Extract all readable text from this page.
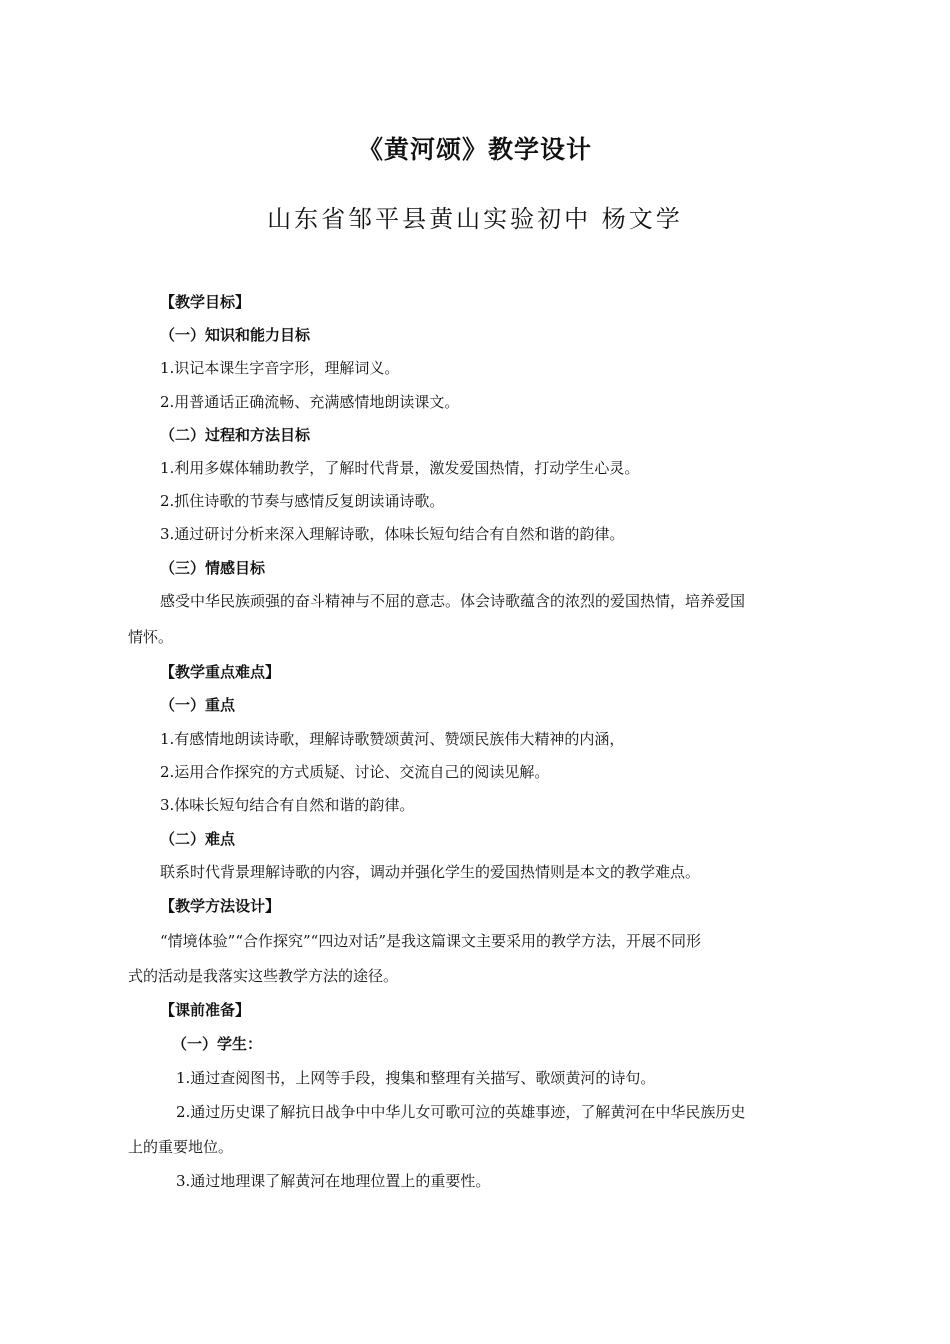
《黄河颂》教学设计
山东省邹平县黄山实验初中 杨文学
【教学目标】
（一）知识和能力目标
1.识记本课生字音字形，理解词义。
2.用普通话正确流畅、充满感情地朗读课文。
（二）过程和方法目标
1.利用多媒体辅助教学，了解时代背景，激发爱国热情，打动学生心灵。
2.抓住诗歌的节奏与感情反复朗读诵诗歌。
3.通过研讨分析来深入理解诗歌，体味长短句结合有自然和谐的韵律。
（三）情感目标
感受中华民族顽强的奋斗精神与不屈的意志。体会诗歌蕴含的浓烈的爱国热情，培养爱国
情怀。
【教学重点难点】
（一）重点
1.有感情地朗读诗歌，理解诗歌赞颂黄河、赞颂民族伟大精神的内涵，
2.运用合作探究的方式质疑、讨论、交流自己的阅读见解。
3.体味长短句结合有自然和谐的韵律。
（二）难点
联系时代背景理解诗歌的内容，调动并强化学生的爱国热情则是本文的教学难点。
【教学方法设计】
“情境体验”“合作探究”“四边对话”是我这篇课文主要采用的教学方法，开展不同形
式的活动是我落实这些教学方法的途径。
【课前准备】
（一）学生：
1.通过查阅图书，上网等手段，搜集和整理有关描写、歌颂黄河的诗句。
2.通过历史课了解抗日战争中中华儿女可歌可泣的英雄事迹，了解黄河在中华民族历史
上的重要地位。
3.通过地理课了解黄河在地理位置上的重要性。
